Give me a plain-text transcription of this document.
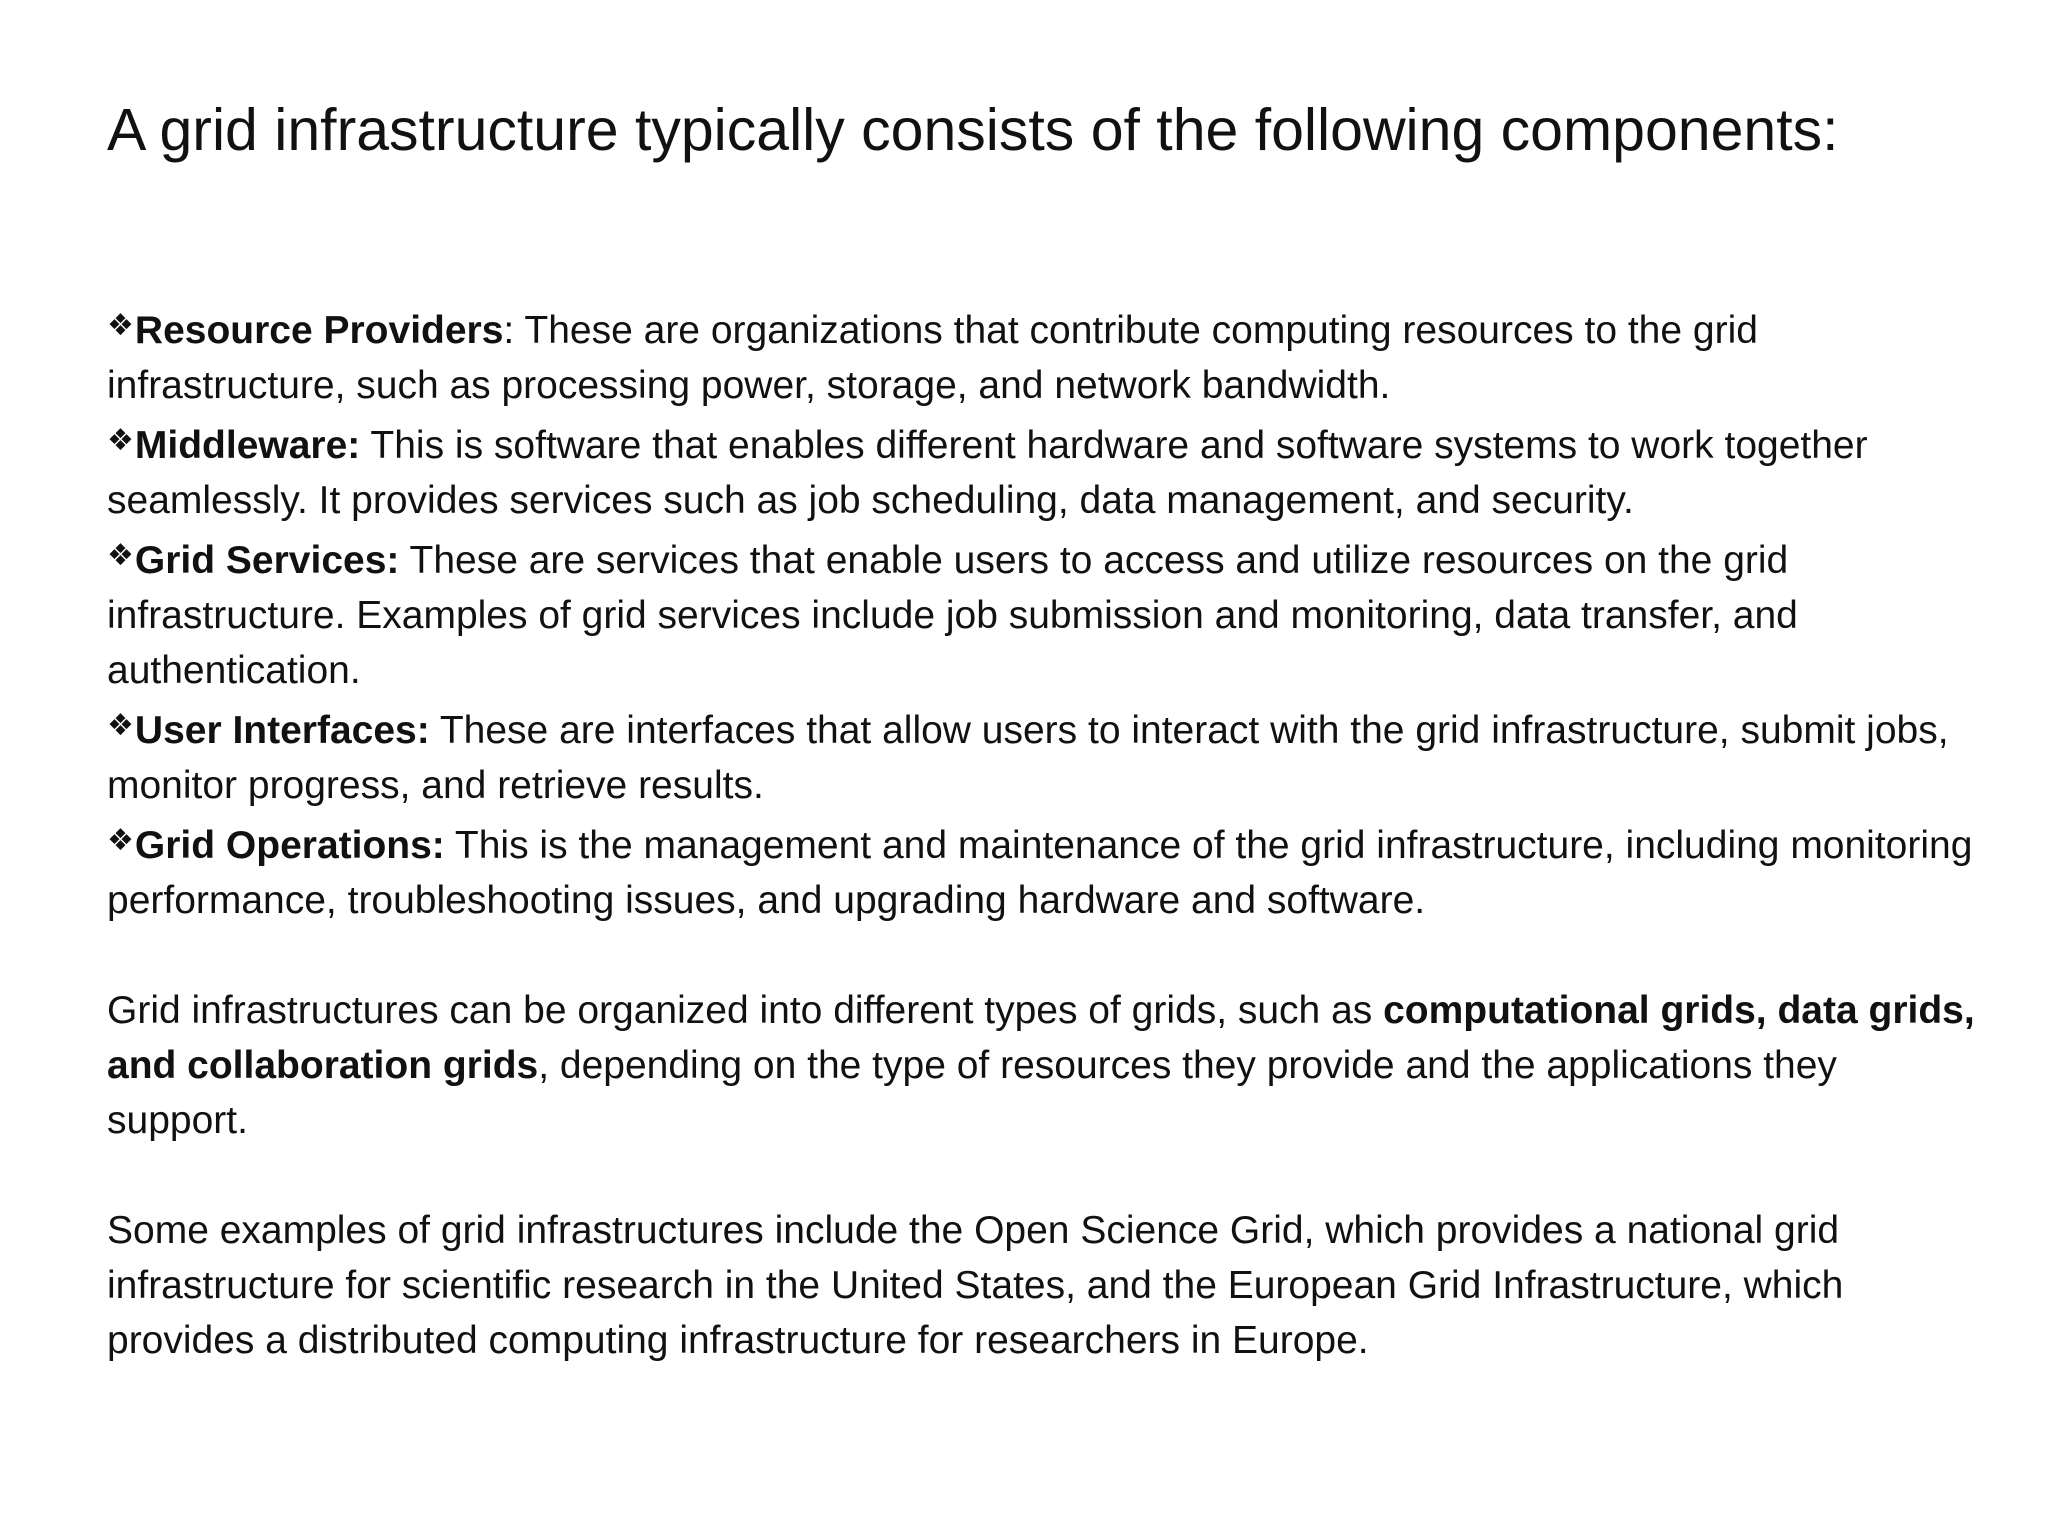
A grid infrastructure typically consists of the following components:
❖Resource Providers: These are organizations that contribute computing resources to the grid infrastructure, such as processing power, storage, and network bandwidth.
❖Middleware: This is software that enables different hardware and software systems to work together seamlessly. It provides services such as job scheduling, data management, and security.
❖Grid Services: These are services that enable users to access and utilize resources on the grid infrastructure. Examples of grid services include job submission and monitoring, data transfer, and authentication.
❖User Interfaces: These are interfaces that allow users to interact with the grid infrastructure, submit jobs, monitor progress, and retrieve results.
❖Grid Operations: This is the management and maintenance of the grid infrastructure, including monitoring performance, troubleshooting issues, and upgrading hardware and software.

Grid infrastructures can be organized into different types of grids, such as computational grids, data grids, and collaboration grids, depending on the type of resources they provide and the applications they support.

Some examples of grid infrastructures include the Open Science Grid, which provides a national grid infrastructure for scientific research in the United States, and the European Grid Infrastructure, which provides a distributed computing infrastructure for researchers in Europe.
